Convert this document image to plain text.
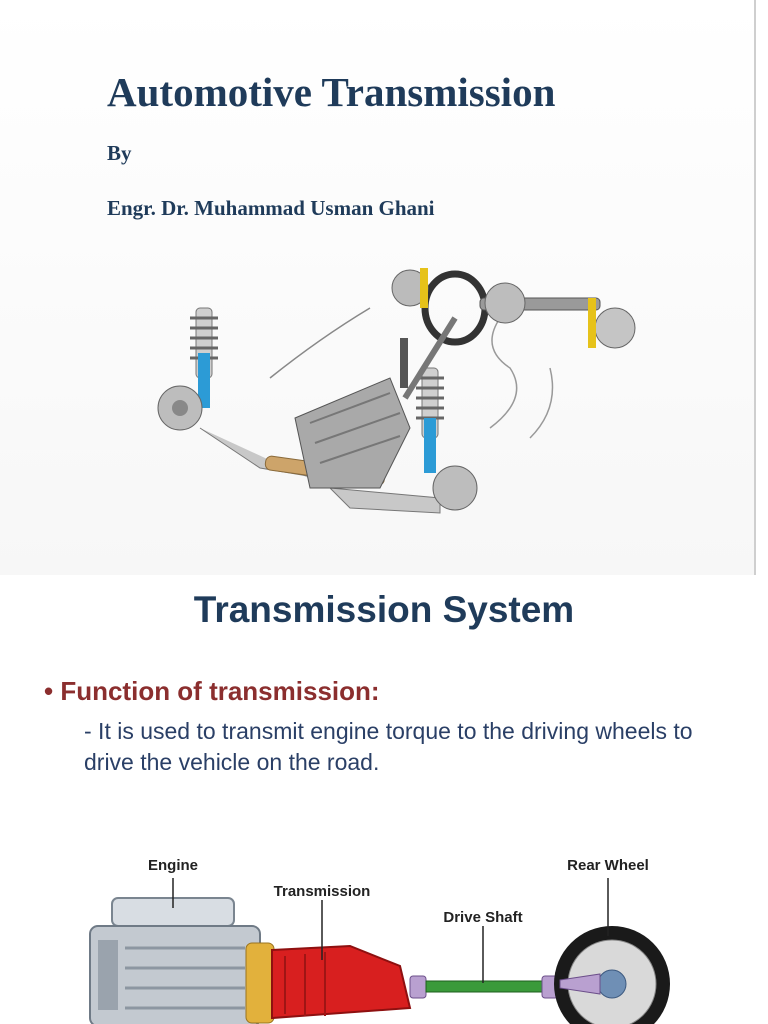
Automotive Transmission
By
Engr. Dr. Muhammad Usman Ghani
Transmission System
• Function of transmission:
- It is used to transmit engine torque to the driving wheels to drive the vehicle on the road.
Engine
Transmission
Drive Shaft
Rear Wheel
